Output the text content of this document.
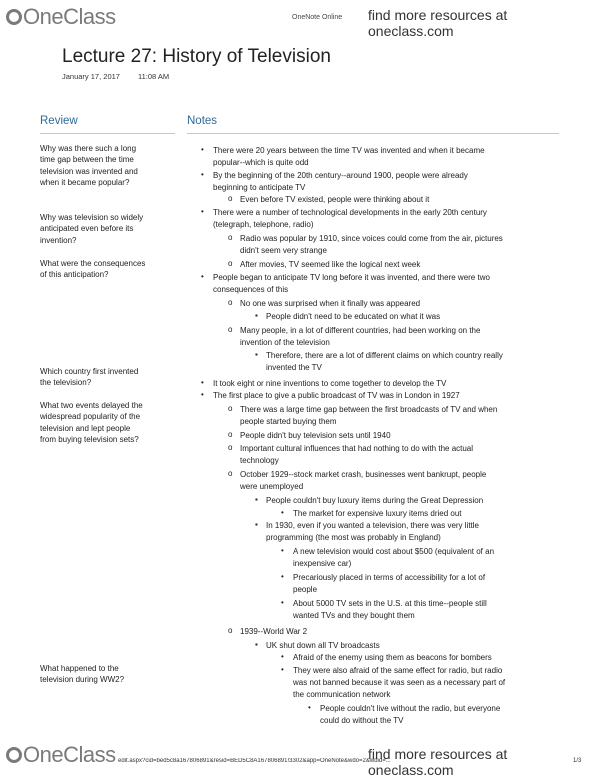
OneClass	OneNote Online find more resources at oneclass.com
Lecture 27: History of Television
January 17, 2017 11:08 AM
Review	Notes
Why was there such a long
time gap between the time
television was invented and
when it became popular?
Why was television so widely
anticipated even before its
invention?
What were the consequences
of this anticipation?
Which country first invented
the television?
What two events delayed the
widespread popularity of the
television and lept people
from buying television sets?
What happened to the
television during WW2?
• There were 20 years between the time TV was invented and when it became
popular--which is quite odd
• By the beginning of the 20th century--around 1900, people were already
beginning to anticipate TV
o Even before TV existed, people were thinking about it
• There were a number of technological developments in the early 20th century
(telegraph, telephone, radio)
o Radio was popular by 1910, since voices could come from the air, pictures
didn't seem very strange
o After movies, TV seemed like the logical next week
• People began to anticipate TV long before it was invented, and there were two
consequences of this
o No one was surprised when it finally was appeared
▪ People didn't need to be educated on what it was
o Many people, in a lot of different countries, had been working on the
invention of the television
▪ Therefore, there are a lot of different claims on which country really
invented the TV
• It took eight or nine inventions to come together to develop the TV
• The first place to give a public broadcast of TV was in London in 1927
o There was a large time gap between the first broadcasts of TV and when
people started buying them
o People didn't buy television sets until 1940
o Important cultural influences that had nothing to do with the actual
technology
o October 1929--stock market crash, businesses went bankrupt, people
were unemployed
▪ People couldn't buy luxury items during the Great Depression
• The market for expensive luxury items dried out
▪ In 1930, even if you wanted a television, there was very little
programming (the most was probably in England)
• A new television would cost about $500 (equivalent of an
inexpensive car)
• Precariously placed in terms of accessibility for a lot of
people
• About 5000 TV sets in the U.S. at this time--people still
wanted TVs and they bought them
o 1939--World War 2
▪ UK shut down all TV broadcasts
• Afraid of the enemy using them as beacons for bombers
• They were also afraid of the same effect for radio, but radio
was not banned because it was seen as a necessary part of
the communication network
• People couldn't live without the radio, but everyone
could do without the TV
OneClass edit.aspx?cid=bed5c8a167806891&resid=BED5C8A167806891!3302&app=OneNote&wdo=2&wdid=...	1/3
find more resources at oneclass.com
